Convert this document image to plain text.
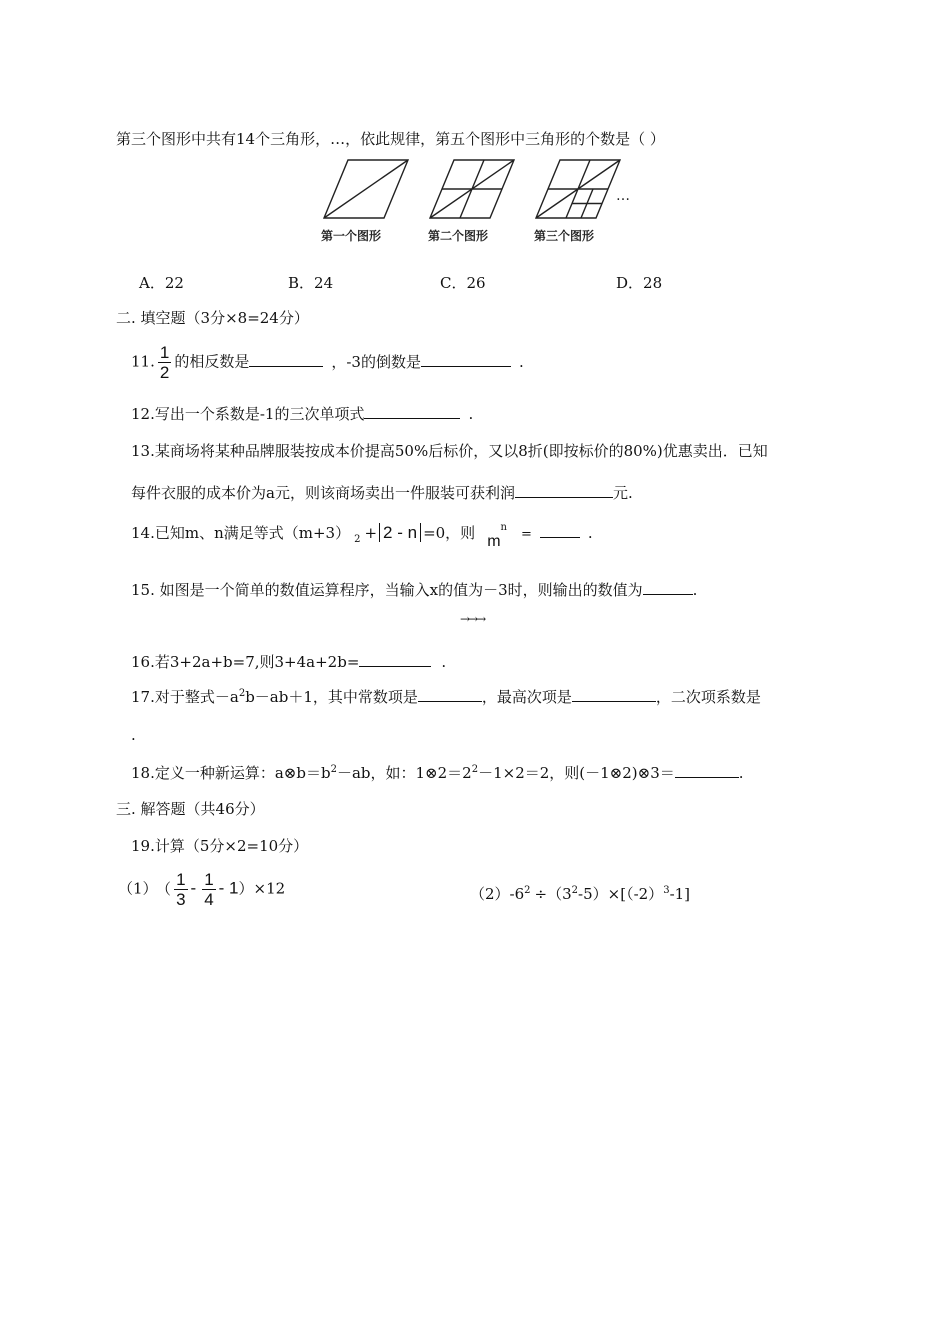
第三个图形中共有14个三角形，…，依此规律，第五个图形中三角形的个数是（ ）
…
第一个图形	第二个图形	第三个图形
A．22	B．24	C．26	D．28
二. 填空题（3分×8=24分）
11. $\frac{1}{2}$ 的相反数是	，-3的倒数是	.
12.写出一个系数是-1的三次单项式	.
13.某商场将某种品牌服装按成本价提高50%后标价，又以8折(即按标价的80%)优惠卖出．已知
每件衣服的成本价为a元，则该商场卖出一件服装可获利润	元.
14.已知m、n满足等式（m+3） $_2$ + 2 - n =0，则 $m^n$ =	.
15. 如图是一个简单的数值运算程序，当输入x的值为－3时，则输出的数值为	.
→→→
16.若3+2a+b=7,则3+4a+2b=	.
17.对于整式$-a^2b-ab+1$，其中常数项是	，最高次项是	，二次项系数是
.
18.定义一种新运算：$a\otimes b=b^2-ab$，如：$1\otimes 2=2^2-1\times 2=2$，则(－1⊗2)⊗3＝	.
三. 解答题（共46分）
19.计算（5分×2=10分）
（1） （ $\frac{1}{3} - \frac{1}{4} - 1)\times 12$	$(2)-6^2 \div(3^2-5)\times[(-2)^3-1]$
